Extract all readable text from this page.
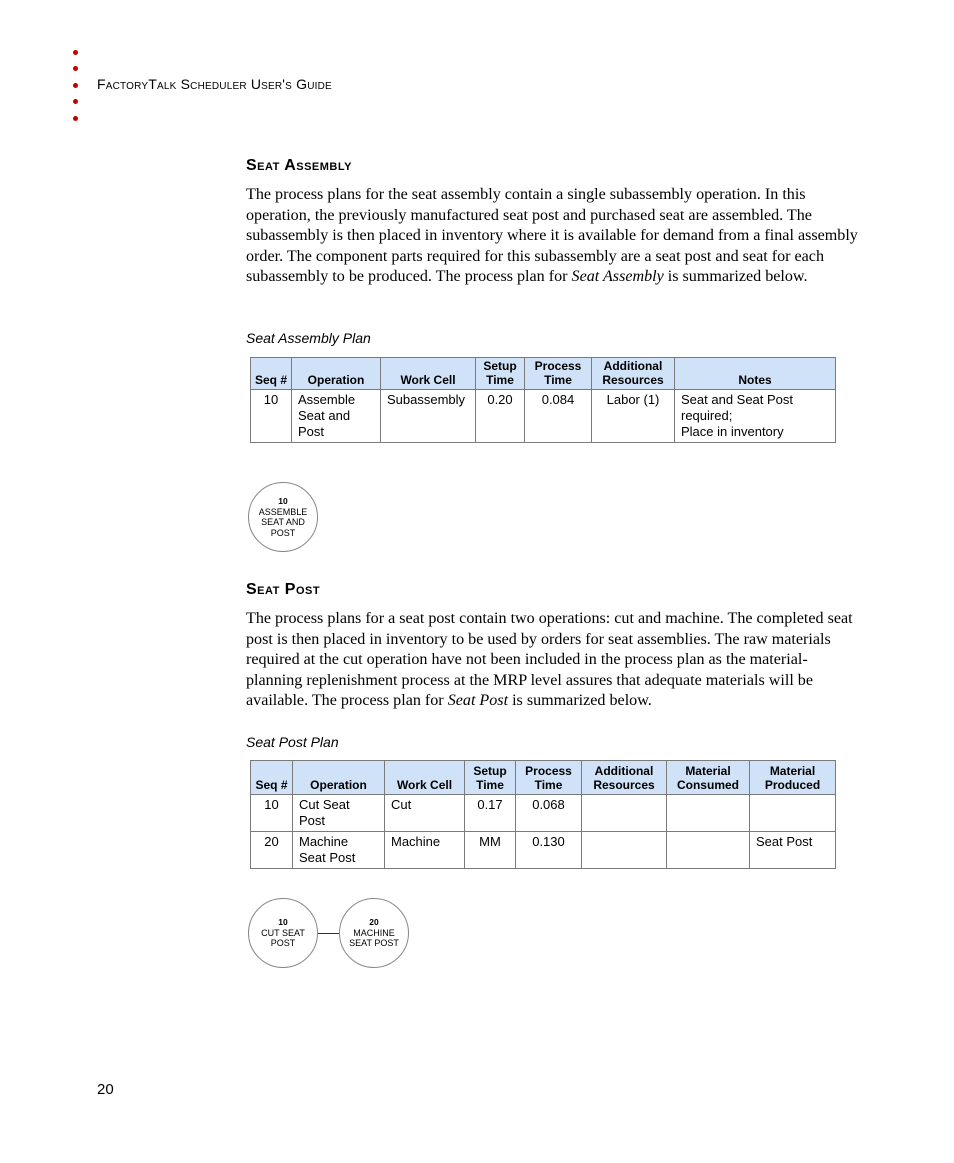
FactoryTalk Scheduler User's Guide
Seat Assembly

The process plans for the seat assembly contain a single subassembly operation. In this operation, the previously manufactured seat post and purchased seat are assembled. The subassembly is then placed in inventory where it is available for demand from a final assembly order. The component parts required for this subassembly are a seat post and seat for each subassembly to be produced. The process plan for Seat Assembly is summarized below.

Seat Assembly Plan
Seq #	Operation	Work Cell	Setup Time	Process Time	Additional Resources	Notes
10	Assemble Seat and Post	Subassembly	0.20	0.084	Labor (1)	Seat and Seat Post required;
Place in inventory
10
ASSEMBLE SEAT AND POST
Seat Post

The process plans for a seat post contain two operations: cut and machine. The completed seat post is then placed in inventory to be used by orders for seat assemblies. The raw materials required at the cut operation have not been included in the process plan as the material-planning replenishment process at the MRP level assures that adequate materials will be available. The process plan for Seat Post is summarized below.

Seat Post Plan
Seq #	Operation	Work Cell	Setup Time	Process Time	Additional Resources	Material Consumed	Material Produced
10	Cut Seat Post	Cut	0.17	0.068			
20	Machine Seat Post	Machine	MM	0.130			Seat Post
10
CUT SEAT POST
20
MACHINE SEAT POST
20
